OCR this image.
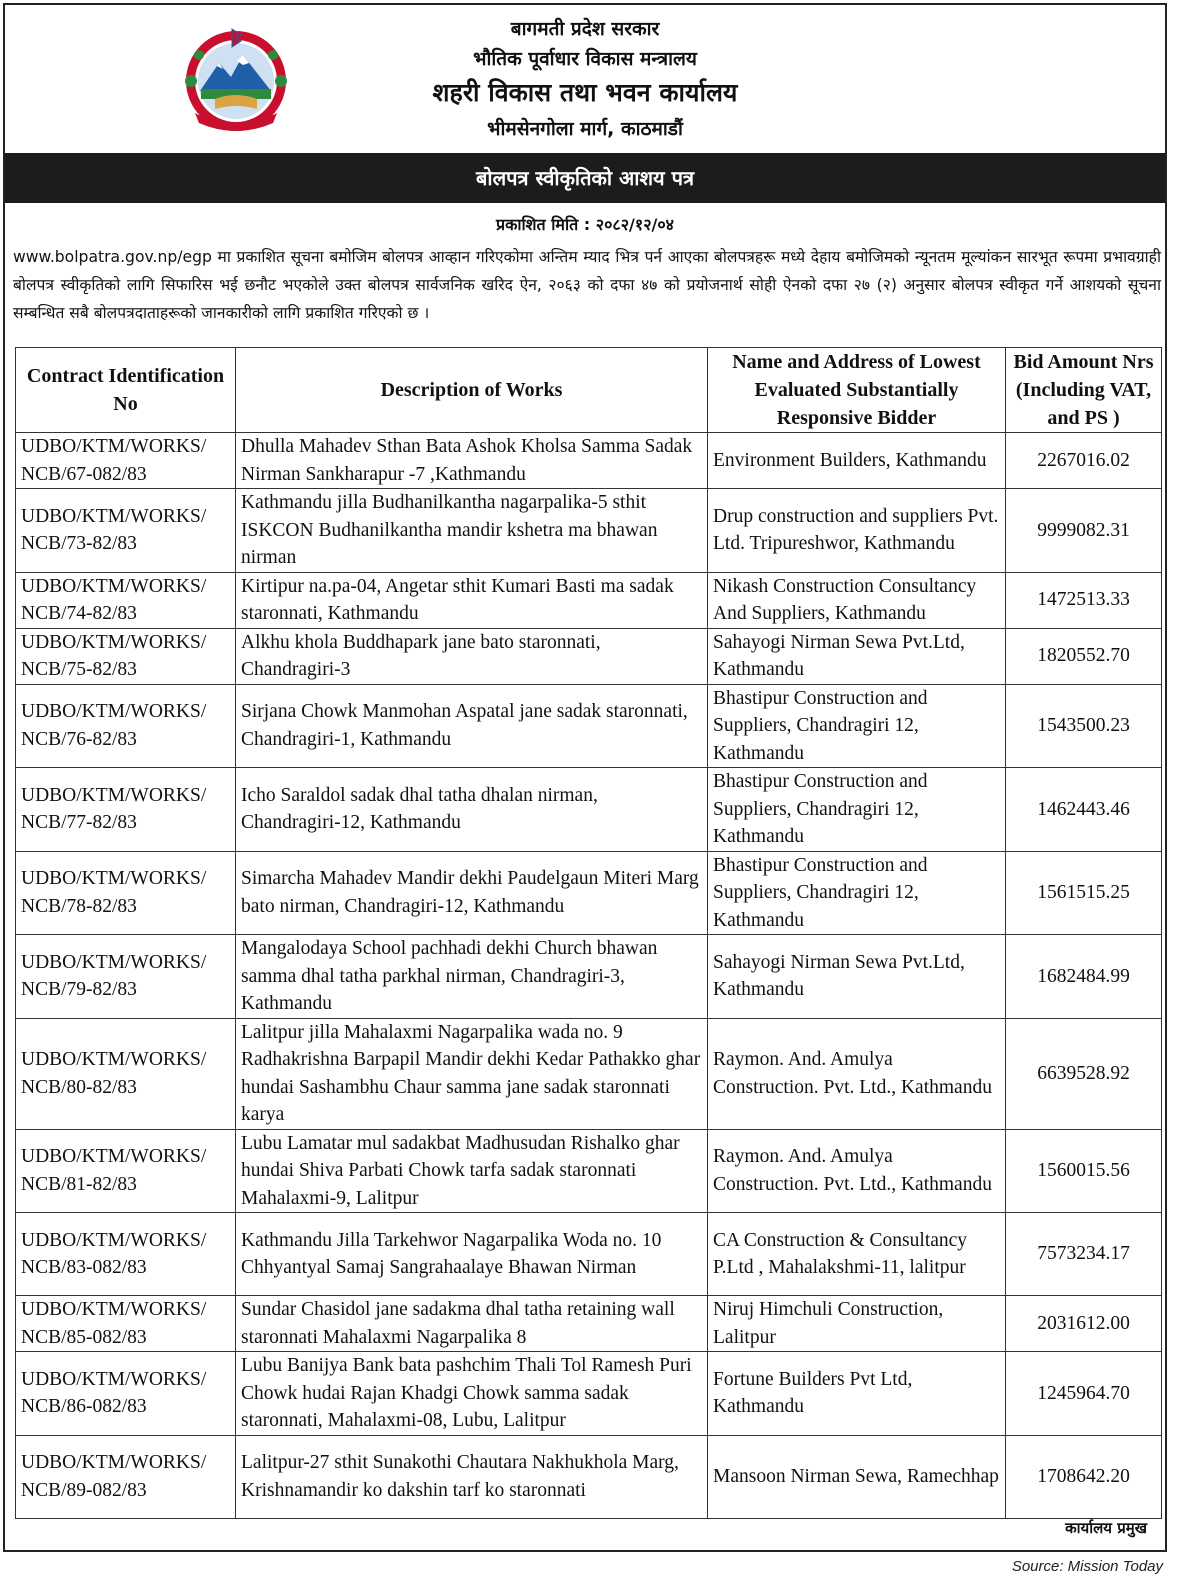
बागमती प्रदेश सरकार
भौतिक पूर्वाधार विकास मन्त्रालय
शहरी विकास तथा भवन कार्यालय
भीमसेनगोला मार्ग, काठमाडौं
बोलपत्र स्वीकृतिको आशय पत्र
प्रकाशित मिति : २०८२/१२/०४
www.bolpatra.gov.np/egp मा प्रकाशित सूचना बमोजिम बोलपत्र आव्हान गरिएकोमा अन्तिम म्याद भित्र पर्न आएका बोलपत्रहरू मध्ये देहाय बमोजिमको न्यूनतम मूल्यांकन सारभूत रूपमा प्रभावग्राही बोलपत्र स्वीकृतिको लागि सिफारिस भई छनौट भएकोले उक्त बोलपत्र सार्वजनिक खरिद ऐन, २०६३ को दफा ४७ को प्रयोजनार्थ सोही ऐनको दफा २७ (२) अनुसार बोलपत्र स्वीकृत गर्ने आशयको सूचना सम्बन्धित सबै बोलपत्रदाताहरूको जानकारीको लागि प्रकाशित गरिएको छ ।
Contract Identification No	Description of Works	Name and Address of Lowest Evaluated Substantially Responsive Bidder	Bid Amount Nrs (Including VAT, and PS )
UDBO/KTM/WORKS/ NCB/67-082/83	Dhulla Mahadev Sthan Bata Ashok Kholsa Samma Sadak Nirman Sankharapur -7 ,Kathmandu	Environment Builders, Kathmandu	2267016.02
UDBO/KTM/WORKS/ NCB/73-82/83	Kathmandu jilla Budhanilkantha nagarpalika-5 sthit ISKCON Budhanilkantha mandir kshetra ma bhawan nirman	Drup construction and suppliers Pvt. Ltd. Tripureshwor, Kathmandu	9999082.31
UDBO/KTM/WORKS/ NCB/74-82/83	Kirtipur na.pa-04, Angetar sthit Kumari Basti ma sadak staronnati, Kathmandu	Nikash Construction Consultancy And Suppliers, Kathmandu	1472513.33
UDBO/KTM/WORKS/ NCB/75-82/83	Alkhu khola Buddhapark jane bato staronnati, Chandragiri-3	Sahayogi Nirman Sewa Pvt.Ltd, Kathmandu	1820552.70
UDBO/KTM/WORKS/ NCB/76-82/83	Sirjana Chowk Manmohan Aspatal jane sadak staronnati, Chandragiri-1, Kathmandu	Bhastipur Construction and Suppliers, Chandragiri 12, Kathmandu	1543500.23
UDBO/KTM/WORKS/ NCB/77-82/83	Icho Saraldol sadak dhal tatha dhalan nirman, Chandragiri-12, Kathmandu	Bhastipur Construction and Suppliers, Chandragiri 12, Kathmandu	1462443.46
UDBO/KTM/WORKS/ NCB/78-82/83	Simarcha Mahadev Mandir dekhi Paudelgaun Miteri Marg bato nirman, Chandragiri-12, Kathmandu	Bhastipur Construction and Suppliers, Chandragiri 12, Kathmandu	1561515.25
UDBO/KTM/WORKS/ NCB/79-82/83	Mangalodaya School pachhadi dekhi Church bhawan samma dhal tatha parkhal nirman, Chandragiri-3, Kathmandu	Sahayogi Nirman Sewa Pvt.Ltd, Kathmandu	1682484.99
UDBO/KTM/WORKS/ NCB/80-82/83	Lalitpur jilla Mahalaxmi Nagarpalika wada no. 9 Radhakrishna Barpapil Mandir dekhi Kedar Pathakko ghar hundai Sashambhu Chaur samma jane sadak staronnati karya	Raymon. And. Amulya Construction. Pvt. Ltd., Kathmandu	6639528.92
UDBO/KTM/WORKS/ NCB/81-82/83	Lubu Lamatar mul sadakbat Madhusudan Rishalko ghar hundai Shiva Parbati Chowk tarfa sadak staronnati Mahalaxmi-9, Lalitpur	Raymon. And. Amulya Construction. Pvt. Ltd., Kathmandu	1560015.56
UDBO/KTM/WORKS/ NCB/83-082/83	Kathmandu Jilla Tarkehwor Nagarpalika Woda no. 10 Chhyantyal Samaj Sangrahaalaye Bhawan Nirman	CA Construction & Consultancy P.Ltd , Mahalakshmi-11, lalitpur	7573234.17
UDBO/KTM/WORKS/ NCB/85-082/83	Sundar Chasidol jane sadakma dhal tatha retaining wall staronnati Mahalaxmi Nagarpalika 8	Niruj Himchuli Construction, Lalitpur	2031612.00
UDBO/KTM/WORKS/ NCB/86-082/83	Lubu Banijya Bank bata pashchim Thali Tol Ramesh Puri Chowk hudai Rajan Khadgi Chowk samma sadak staronnati, Mahalaxmi-08, Lubu, Lalitpur	Fortune Builders Pvt Ltd, Kathmandu	1245964.70
UDBO/KTM/WORKS/ NCB/89-082/83	Lalitpur-27 sthit Sunakothi Chautara Nakhukhola Marg, Krishnamandir ko dakshin tarf ko staronnati	Mansoon Nirman Sewa, Ramechhap	1708642.20
कार्यालय प्रमुख
Source: Mission Today
